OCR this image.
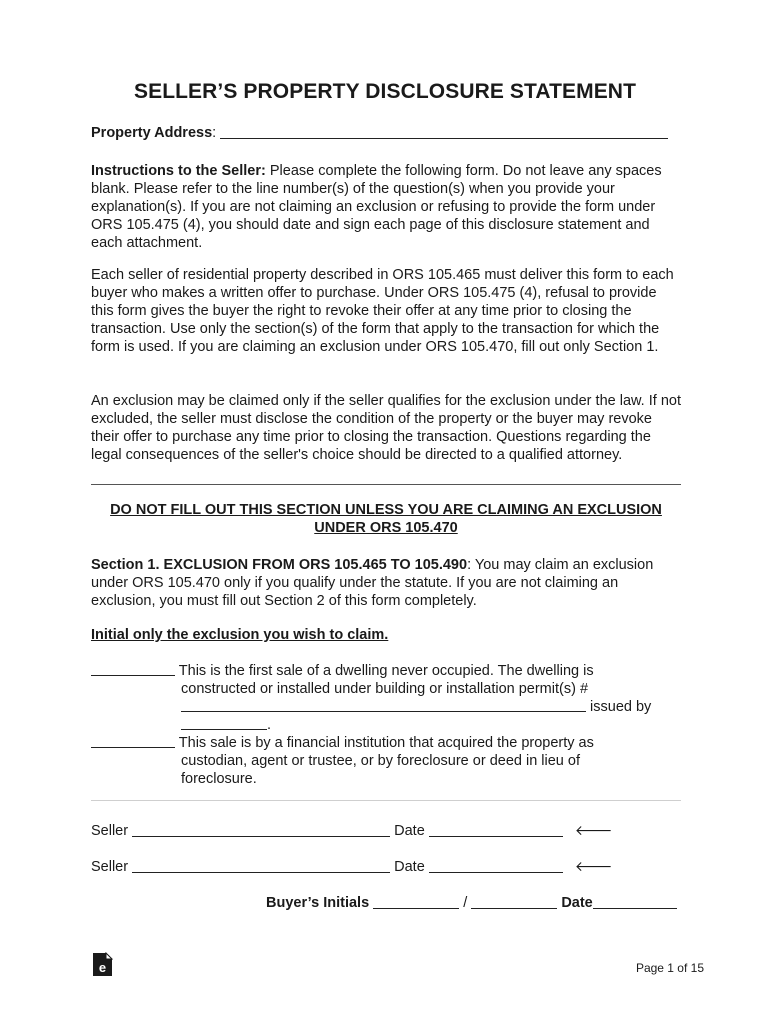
SELLER’S PROPERTY DISCLOSURE STATEMENT
Property Address:

Instructions to the Seller: Please complete the following form. Do not leave any spaces blank. Please refer to the line number(s) of the question(s) when you provide your explanation(s). If you are not claiming an exclusion or refusing to provide the form under ORS 105.475 (4), you should date and sign each page of this disclosure statement and each attachment.

Each seller of residential property described in ORS 105.465 must deliver this form to each buyer who makes a written offer to purchase. Under ORS 105.475 (4), refusal to provide this form gives the buyer the right to revoke their offer at any time prior to closing the transaction. Use only the section(s) of the form that apply to the transaction for which the form is used. If you are claiming an exclusion under ORS 105.470, fill out only Section 1.

An exclusion may be claimed only if the seller qualifies for the exclusion under the law. If not excluded, the seller must disclose the condition of the property or the buyer may revoke their offer to purchase any time prior to closing the transaction. Questions regarding the legal consequences of the seller's choice should be directed to a qualified attorney.

DO NOT FILL OUT THIS SECTION UNLESS YOU ARE CLAIMING AN EXCLUSION
UNDER ORS 105.470

Section 1. EXCLUSION FROM ORS 105.465 TO 105.490: You may claim an exclusion under ORS 105.470 only if you qualify under the statute. If you are not claiming an exclusion, you must fill out Section 2 of this form completely.

Initial only the exclusion you wish to claim.
This is the first sale of a dwelling never occupied. The dwelling is
constructed or installed under building or installation permit(s) #
issued by
.
This sale is by a financial institution that acquired the property as
custodian, agent or trustee, or by foreclosure or deed in lieu of
foreclosure.
Seller	Date	🡐
Seller	Date	🡐
Buyer’s Initials	/	Date
e	Page 1 of 15
